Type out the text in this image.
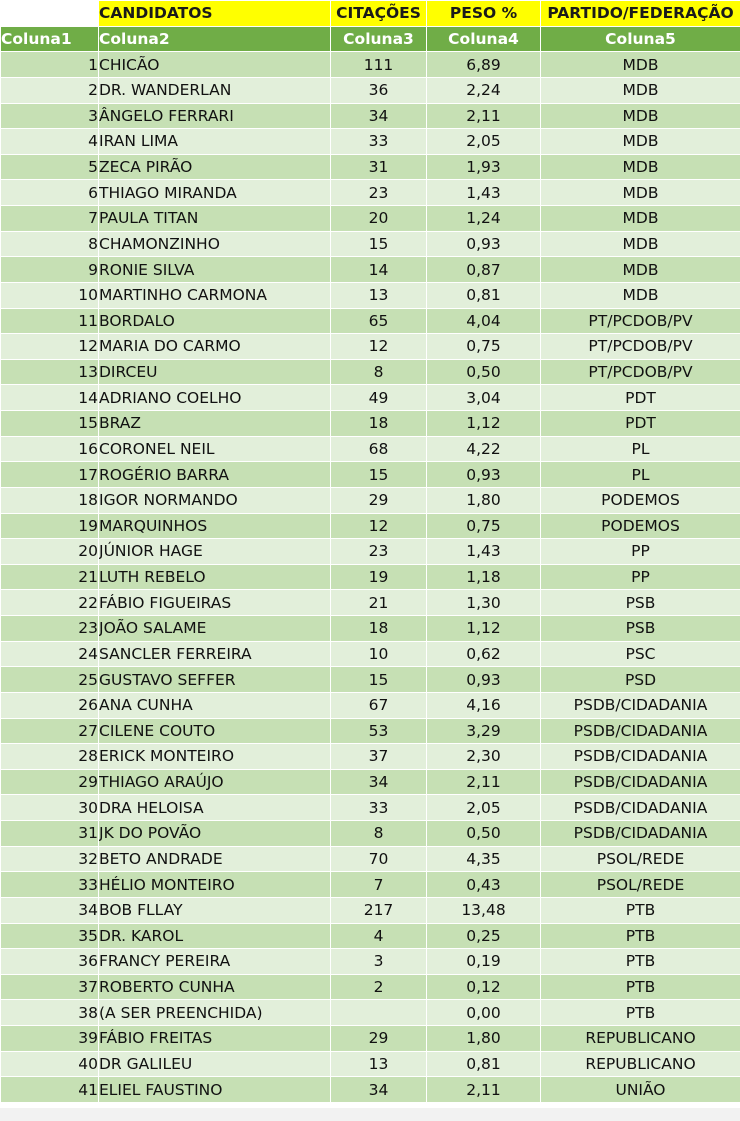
	CANDIDATOS	CITAÇÕES	PESO %	PARTIDO/FEDERAÇÃO
Coluna1	Coluna2	Coluna3	Coluna4	Coluna5
1	CHICÃO	111	6,89	MDB
2	DR. WANDERLAN	36	2,24	MDB
3	ÂNGELO FERRARI	34	2,11	MDB
4	IRAN LIMA	33	2,05	MDB
5	ZECA PIRÃO	31	1,93	MDB
6	THIAGO MIRANDA	23	1,43	MDB
7	PAULA TITAN	20	1,24	MDB
8	CHAMONZINHO	15	0,93	MDB
9	RONIE SILVA	14	0,87	MDB
10	MARTINHO CARMONA	13	0,81	MDB
11	BORDALO	65	4,04	PT/PCDOB/PV
12	MARIA DO CARMO	12	0,75	PT/PCDOB/PV
13	DIRCEU	8	0,50	PT/PCDOB/PV
14	ADRIANO COELHO	49	3,04	PDT
15	BRAZ	18	1,12	PDT
16	CORONEL NEIL	68	4,22	PL
17	ROGÉRIO BARRA	15	0,93	PL
18	IGOR NORMANDO	29	1,80	PODEMOS
19	MARQUINHOS	12	0,75	PODEMOS
20	JÚNIOR HAGE	23	1,43	PP
21	LUTH REBELO	19	1,18	PP
22	FÁBIO FIGUEIRAS	21	1,30	PSB
23	JOÃO SALAME	18	1,12	PSB
24	SANCLER FERREIRA	10	0,62	PSC
25	GUSTAVO SEFFER	15	0,93	PSD
26	ANA CUNHA	67	4,16	PSDB/CIDADANIA
27	CILENE COUTO	53	3,29	PSDB/CIDADANIA
28	ERICK MONTEIRO	37	2,30	PSDB/CIDADANIA
29	THIAGO ARAÚJO	34	2,11	PSDB/CIDADANIA
30	DRA HELOISA	33	2,05	PSDB/CIDADANIA
31	JK DO POVÃO	8	0,50	PSDB/CIDADANIA
32	BETO ANDRADE	70	4,35	PSOL/REDE
33	HÉLIO MONTEIRO	7	0,43	PSOL/REDE
34	BOB FLLAY	217	13,48	PTB
35	DR. KAROL	4	0,25	PTB
36	FRANCY PEREIRA	3	0,19	PTB
37	ROBERTO CUNHA	2	0,12	PTB
38	(A SER PREENCHIDA)		0,00	PTB
39	FÁBIO FREITAS	29	1,80	REPUBLICANO
40	DR GALILEU	13	0,81	REPUBLICANO
41	ELIEL FAUSTINO	34	2,11	UNIÃO
